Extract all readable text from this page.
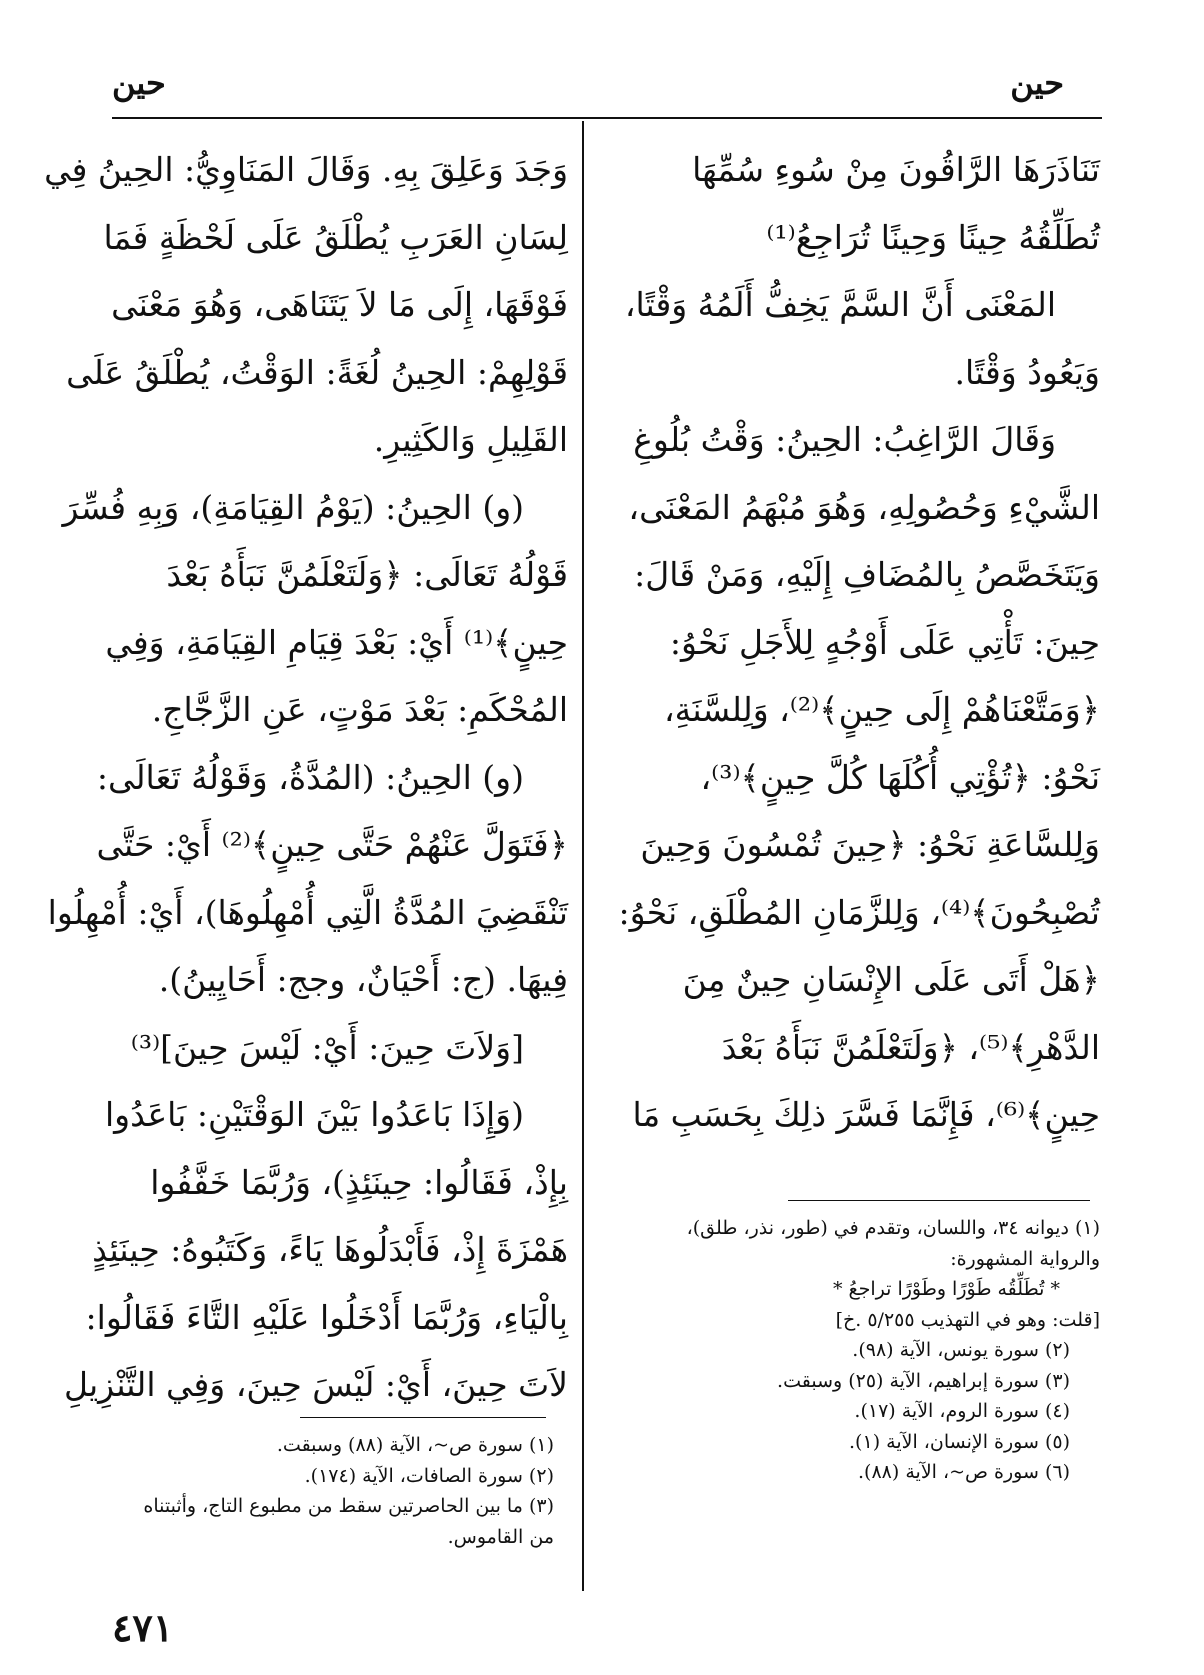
حين
حين
تَنَاذَرَهَا الرَّاقُونَ مِنْ سُوءِ سُمِّهَا
تُطَلِّقُهُ حِينًا وَحِينًا تُرَاجِعُ⁽¹⁾
المَعْنَى أَنَّ السَّمَّ يَخِفُّ أَلَمُهُ وَقْتًا،
وَيَعُودُ وَقْتًا.
وَقَالَ الرَّاغِبُ: الحِينُ: وَقْتُ بُلُوغِ
الشَّيْءِ وَحُصُولِهِ، وَهُوَ مُبْهَمُ المَعْنَى،
وَيَتَخَصَّصُ بِالمُضَافِ إِلَيْهِ، وَمَنْ قَالَ:
حِينَ: تَأْتِي عَلَى أَوْجُهٍ لِلأَجَلِ نَحْوُ:
﴿وَمَتَّعْنَاهُمْ إِلَى حِينٍ﴾⁽²⁾، وَلِلسَّنَةِ،
نَحْوُ: ﴿تُؤْتِي أُكُلَهَا كُلَّ حِينٍ﴾⁽³⁾،
وَلِلسَّاعَةِ نَحْوُ: ﴿حِينَ تُمْسُونَ وَحِينَ
تُصْبِحُونَ﴾⁽⁴⁾، وَلِلزَّمَانِ المُطْلَقِ، نَحْوُ:
﴿هَلْ أَتَى عَلَى الإِنْسَانِ حِينٌ مِنَ
الدَّهْرِ﴾⁽⁵⁾، ﴿وَلَتَعْلَمُنَّ نَبَأَهُ بَعْدَ
حِينٍ﴾⁽⁶⁾، فَإِنَّمَا فَسَّرَ ذلِكَ بِحَسَبِ مَا
وَجَدَ وَعَلِقَ بِهِ. وَقَالَ المَنَاوِيُّ: الحِينُ فِي
لِسَانِ العَرَبِ يُطْلَقُ عَلَى لَحْظَةٍ فَمَا
فَوْقَهَا، إِلَى مَا لاَ يَتَنَاهَى، وَهُوَ مَعْنَى
قَوْلِهِمْ: الحِينُ لُغَةً: الوَقْتُ، يُطْلَقُ عَلَى
القَلِيلِ وَالكَثِيرِ.
(و) الحِينُ: (يَوْمُ القِيَامَةِ)، وَبِهِ فُسِّرَ
قَوْلُهُ تَعَالَى: ﴿وَلَتَعْلَمُنَّ نَبَأَهُ بَعْدَ
حِينٍ﴾⁽¹⁾ أَيْ: بَعْدَ قِيَامِ القِيَامَةِ، وَفِي
المُحْكَمِ: بَعْدَ مَوْتٍ، عَنِ الزَّجَّاجِ.
(و) الحِينُ: (المُدَّةُ، وَقَوْلُهُ تَعَالَى:
﴿فَتَوَلَّ عَنْهُمْ حَتَّى حِينٍ﴾⁽²⁾ أَيْ: حَتَّى
تَنْقَضِيَ المُدَّةُ الَّتِي أُمْهِلُوهَا)، أَيْ: أُمْهِلُوا
فِيهَا. (ج: أَحْيَانٌ، وجج: أَحَايِينُ).
[وَلاَتَ حِينَ: أَيْ: لَيْسَ حِينَ]⁽³⁾
(وَإِذَا بَاعَدُوا بَيْنَ الوَقْتَيْنِ: بَاعَدُوا
بِإِذْ، فَقَالُوا: حِينَئِذٍ)، وَرُبَّمَا خَفَّفُوا
هَمْزَةَ إِذْ، فَأَبْدَلُوهَا يَاءً، وَكَتَبُوهُ: حِينَئِذٍ
بِالْيَاءِ، وَرُبَّمَا أَدْخَلُوا عَلَيْهِ التَّاءَ فَقَالُوا:
لاَتَ حِينَ، أَيْ: لَيْسَ حِينَ، وَفِي التَّنْزِيلِ
(١) ديوانه ٣٤، واللسان، وتقدم في (طور، نذر، طلق)،
والرواية المشهورة:
* تُطَلِّقُه طَوْرًا وطَوْرًا تراجعُ *
[قلت: وهو في التهذيب ٥/٢٥٥ .خ]
(٢) سورة يونس، الآية (٩٨).
(٣) سورة إبراهيم، الآية (٢٥) وسبقت.
(٤) سورة الروم، الآية (١٧).
(٥) سورة الإنسان، الآية (١).
(٦) سورة ص~، الآية (٨٨).
(١) سورة ص~، الآية (٨٨) وسبقت.
(٢) سورة الصافات، الآية (١٧٤).
(٣) ما بين الحاصرتين سقط من مطبوع التاج، وأثبتناه
من القاموس.
٤٧١
